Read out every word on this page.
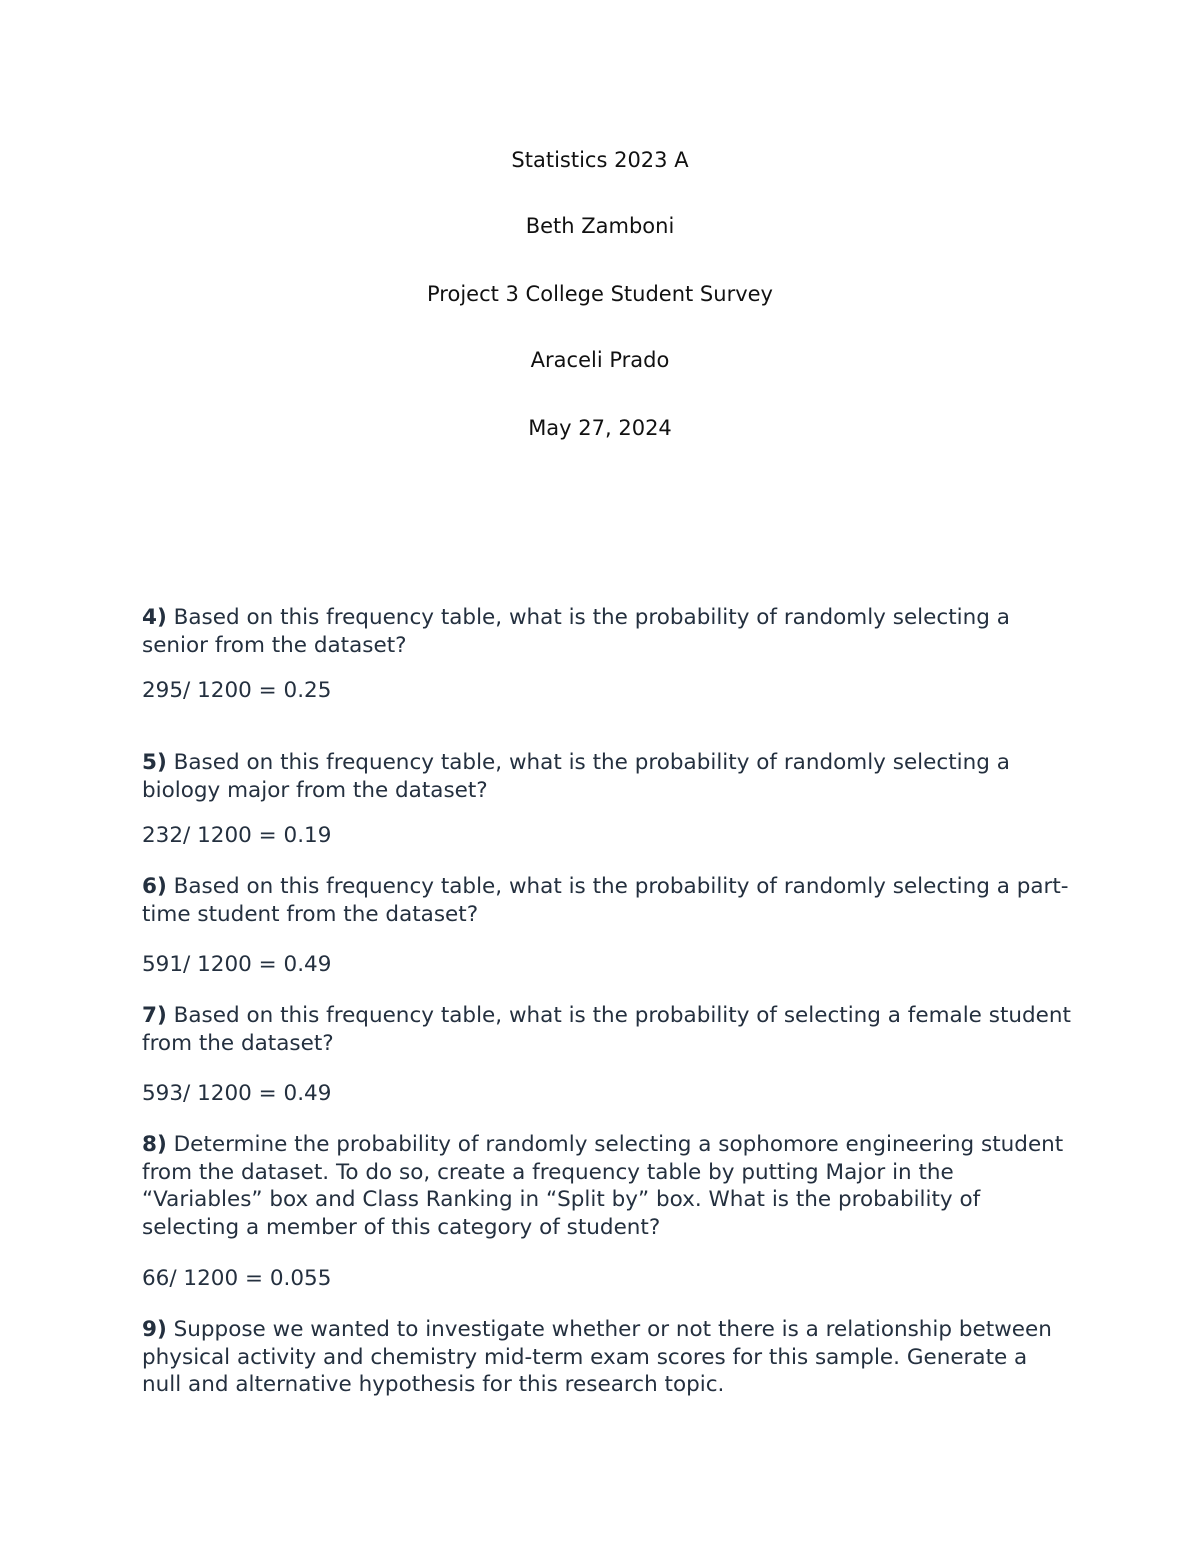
Statistics 2023 A
Beth Zamboni
Project 3 College Student Survey
Araceli Prado
May 27, 2024
4) Based on this frequency table, what is the probability of randomly selecting a senior from the dataset?
295/ 1200 = 0.25
5) Based on this frequency table, what is the probability of randomly selecting a biology major from the dataset?
232/ 1200 = 0.19
6) Based on this frequency table, what is the probability of randomly selecting a part-time student from the dataset?
591/ 1200 = 0.49
7) Based on this frequency table, what is the probability of selecting a female student from the dataset?
593/ 1200 = 0.49
8) Determine the probability of randomly selecting a sophomore engineering student from the dataset. To do so, create a frequency table by putting Major in the “Variables” box and Class Ranking in “Split by” box. What is the probability of selecting a member of this category of student?
66/ 1200 = 0.055
9) Suppose we wanted to investigate whether or not there is a relationship between physical activity and chemistry mid-term exam scores for this sample. Generate a null and alternative hypothesis for this research topic.
